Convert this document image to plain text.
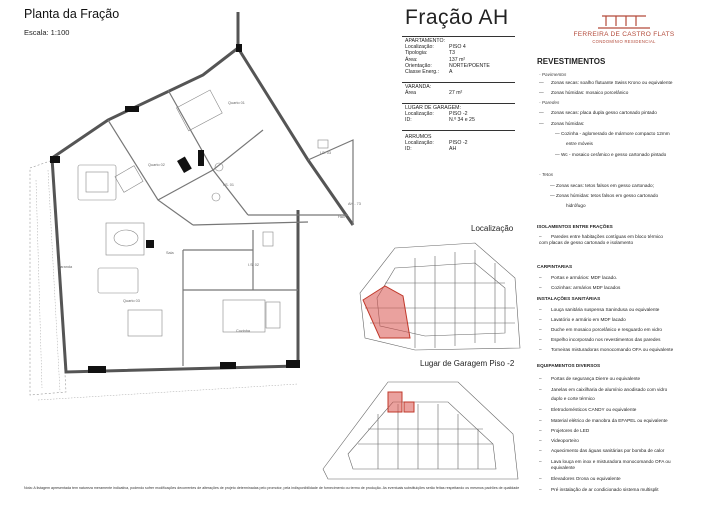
Planta da Fração
Escala: 1:100
Quarto 01
Quarto 02
Quarto 03
Sala
Cozinha
Varanda
I.S. 01
I.S. 02
I.S. 03
Hall
AH - 73
Fração AH
APARTAMENTO:
Localização:	PISO 4
Tipologia:	T3
Área:	137 m²
Orientação:	NORTE/POENTE
Classe Energ.:	A
VARANDA:
Área	27 m²
LUGAR DE GARAGEM:
Localização:	PISO -2
ID:	N.º 34 e 25
ARRUMOS
Localização:	PISO -2
ID:	AH
Localização
Lugar de Garagem Piso -2
FERREIRA DE CASTRO FLATS
CONDOMÍNIO RESIDENCIAL
REVESTIMENTOS
- Pavimentos
— Zonas secas: soalho flutuante Swiss Krono ou equivalente
— Zonas húmidas: mosaico porcelânico
- Paredes
— Zonas secas: placa dupla gesso cartonado pintado
— Zonas húmidas:
— Cozinha - aglomerado de mármore compacto 12mm
entre móveis
— Wc - mosaico cerâmico e gesso cartonado pintado
- Tetos
— Zonas secas: tetos falsos em gesso cartonado;
— Zonas húmidas: tetos falsos em gesso cartonado
hidrófugo
ISOLAMENTOS ENTRE FRAÇÕES
– Paredes entre habitações contíguas em bloco térmico
com placas de gesso cartonado e isolamento
CARPINTARIAS
– Portas e armários: MDF lacado.
– Cozinhas: armários MDF lacados
INSTALAÇÕES SANITÁRIAS
– Louça sanitária suspensa Sanindusa ou equivalente
– Lavatório e armário em MDF lacado
– Duche em mosaico porcelânico e resguardo em vidro
– Espelho incorporado nos revestimentos das paredes
– Torneiras misturadoras monocomando OFA ou equivalente
EQUIPAMENTOS DIVERSOS
– Portas de segurança Dierre ou equivalente
– Janelas em caixilharia de alumínio anodisado com vidro
duplo e corte térmico
– Eletrodomésticos CANDY ou equivalente
– Material elétrico de manobra da EFAPEL ou equivalente
– Projetores de LED
– Videoporteiro
– Aquecimento das águas sanitárias por bomba de calor
– Lava louça em inox e misturadora monocomando OFA ou
equivalente
– Elevadores Orona ou equivalente
– Pré instalação de ar condicionado sistema multisplit
Nota: A listagem apresentada tem natureza meramente indicativa, podendo sofrer modificações decorrentes de alterações de projeto determinadas pelo promotor, pela indisponibilidade de fornecimento ou termo de produção. As eventuais substituições serão feitas respeitando os mesmos padrões de qualidade
